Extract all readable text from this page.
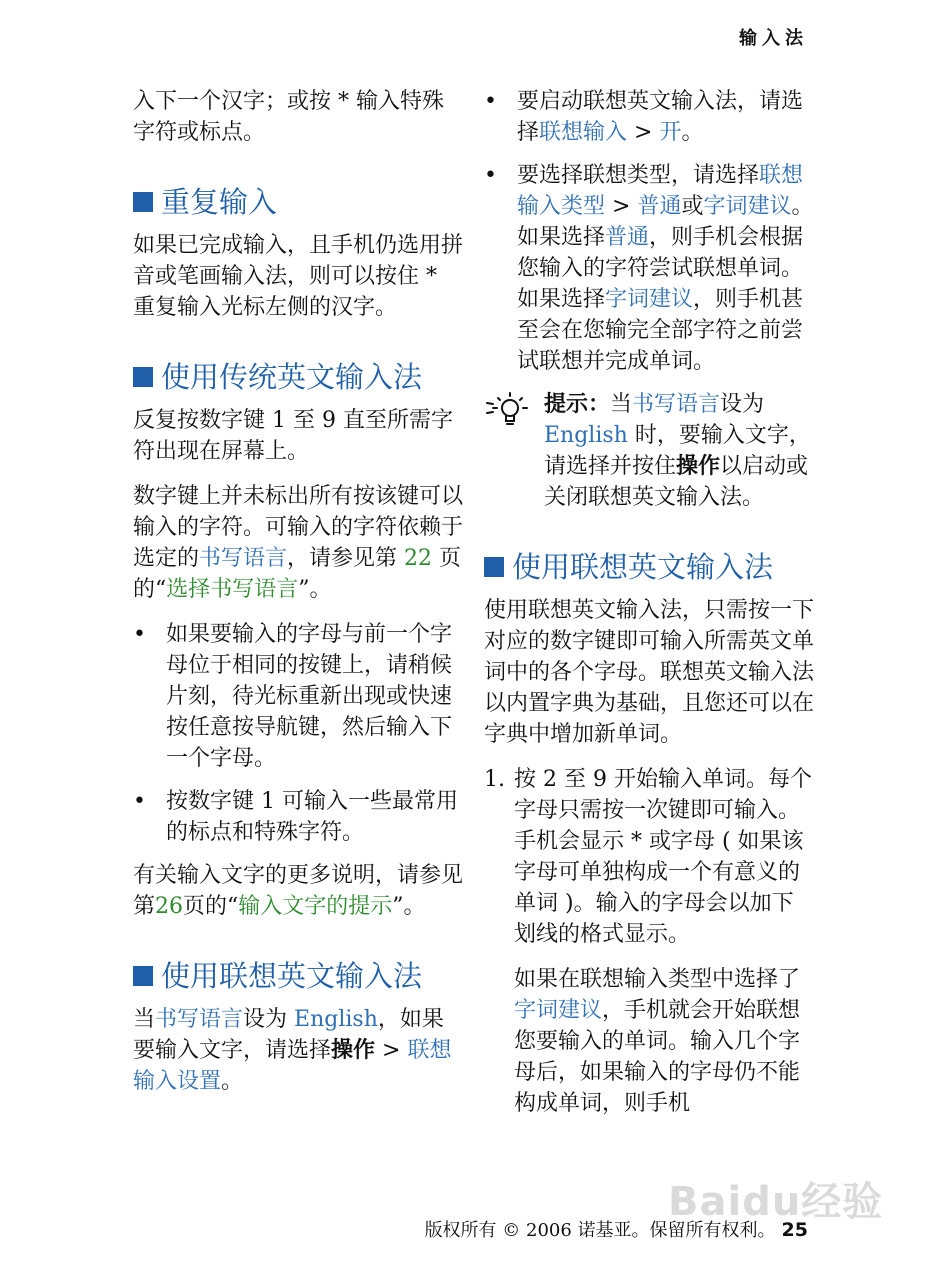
输入法

入下一个汉字；或按 * 输入特殊字符或标点。

重复输入

如果已完成输入，且手机仍选用拼音或笔画输入法，则可以按住 * 重复输入光标左侧的汉字。

使用传统英文输入法

反复按数字键 1 至 9 直至所需字符出现在屏幕上。

数字键上并未标出所有按该键可以输入的字符。可输入的字符依赖于选定的书写语言，请参见第 22 页的“选择书写语言”。

• 如果要输入的字母与前一个字母位于相同的按键上，请稍候片刻，待光标重新出现或快速按任意按导航键，然后输入下一个字母。
• 按数字键 1 可输入一些最常用的标点和特殊字符。

有关输入文字的更多说明，请参见第26页的“输入文字的提示”。

使用联想英文输入法

当书写语言设为 English，如果要输入文字，请选择操作 > 联想输入设置。

• 要启动联想英文输入法，请选择联想输入 > 开。
• 要选择联想类型，请选择联想输入类型 > 普通或字词建议。如果选择普通，则手机会根据您输入的字符尝试联想单词。如果选择字词建议，则手机甚至会在您输完全部字符之前尝试联想并完成单词。
提示：当书写语言设为
English 时，要输入文字，请选择并按住操作以启动或关闭联想英文输入法。
使用联想英文输入法

使用联想英文输入法，只需按一下对应的数字键即可输入所需英文单词中的各个字母。联想英文输入法以内置字典为基础，且您还可以在字典中增加新单词。

1. 按 2 至 9 开始输入单词。每个字母只需按一次键即可输入。手机会显示 * 或字母 ( 如果该字母可单独构成一个有意义的单词 )。输入的字母会以加下划线的格式显示。

如果在联想输入类型中选择了字词建议，手机就会开始联想您要输入的单词。输入几个字母后，如果输入的字母仍不能构成单词，则手机

Baidu经验
版权所有 © 2006 诺基亚。保留所有权利。 25
